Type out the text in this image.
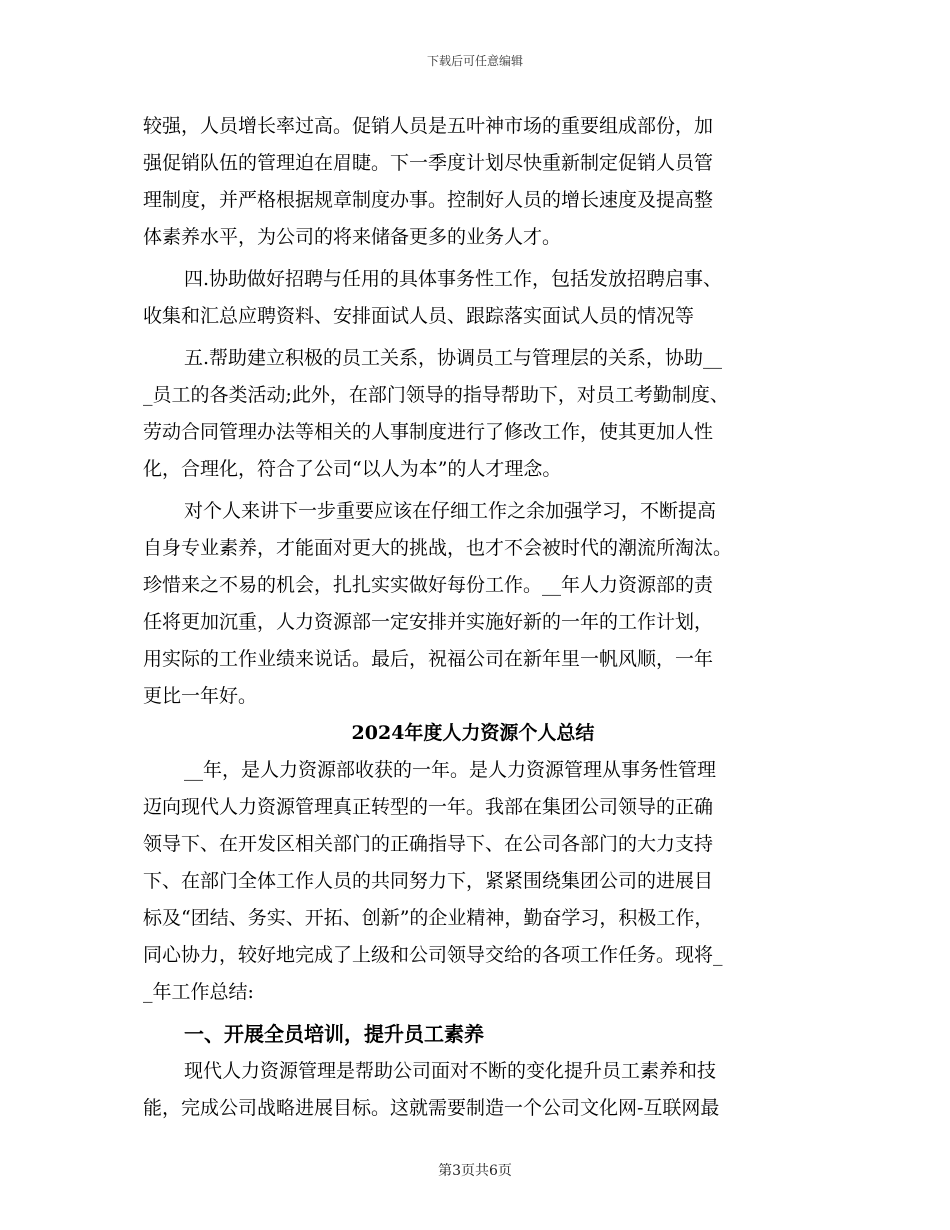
下载后可任意编辑
较强，人员增长率过高。促销人员是五叶神市场的重要组成部份，加
强促销队伍的管理迫在眉睫。下一季度计划尽快重新制定促销人员管
理制度，并严格根据规章制度办事。控制好人员的增长速度及提高整
体素养水平，为公司的将来储备更多的业务人才。
四.协助做好招聘与任用的具体事务性工作，包括发放招聘启事、
收集和汇总应聘资料、安排面试人员、跟踪落实面试人员的情况等
五.帮助建立积极的员工关系，协调员工与管理层的关系，协助__
_员工的各类活动;此外，在部门领导的指导帮助下，对员工考勤制度、
劳动合同管理办法等相关的人事制度进行了修改工作，使其更加人性
化，合理化，符合了公司“以人为本”的人才理念。
对个人来讲下一步重要应该在仔细工作之余加强学习，不断提高
自身专业素养，才能面对更大的挑战，也才不会被时代的潮流所淘汰。
珍惜来之不易的机会，扎扎实实做好每份工作。__年人力资源部的责
任将更加沉重，人力资源部一定安排并实施好新的一年的工作计划，
用实际的工作业绩来说话。最后，祝福公司在新年里一帆风顺，一年
更比一年好。
2024年度人力资源个人总结
__年，是人力资源部收获的一年。是人力资源管理从事务性管理
迈向现代人力资源管理真正转型的一年。我部在集团公司领导的正确
领导下、在开发区相关部门的正确指导下、在公司各部门的大力支持
下、在部门全体工作人员的共同努力下，紧紧围绕集团公司的进展目
标及“团结、务实、开拓、创新”的企业精神，勤奋学习，积极工作，
同心协力，较好地完成了上级和公司领导交给的各项工作任务。现将_
_年工作总结:
一、开展全员培训，提升员工素养
现代人力资源管理是帮助公司面对不断的变化提升员工素养和技
能，完成公司战略进展目标。这就需要制造一个公司文化网-互联网最
第3页共6页
